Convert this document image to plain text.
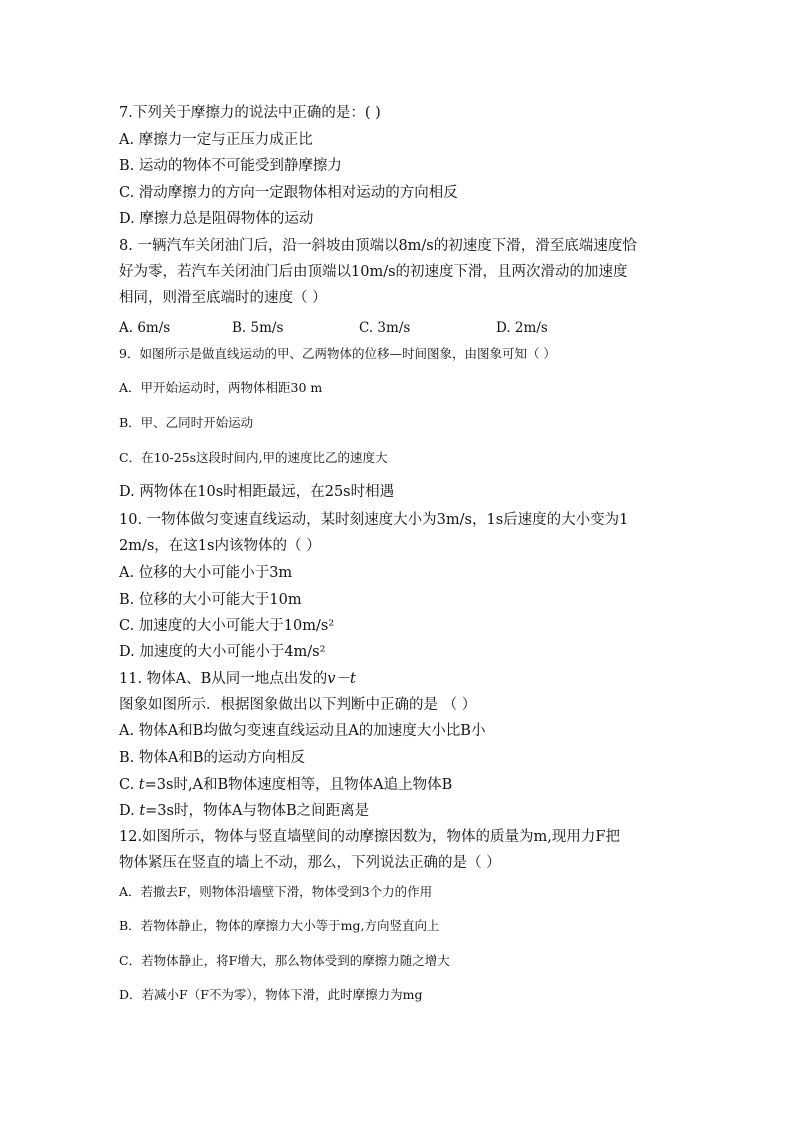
7.下列关于摩擦力的说法中正确的是：( )
A. 摩擦力一定与正压力成正比
B. 运动的物体不可能受到静摩擦力
C. 滑动摩擦力的方向一定跟物体相对运动的方向相反
D. 摩擦力总是阻碍物体的运动
8. 一辆汽车关闭油门后，沿一斜坡由顶端以8m/s的初速度下滑，滑至底端速度恰
好为零，若汽车关闭油门后由顶端以10m/s的初速度下滑，且两次滑动的加速度
相同，则滑至底端时的速度（ ）
A. 6m/s	B. 5m/s	C. 3m/s	D. 2m/s
9．如图所示是做直线运动的甲、乙两物体的位移—时间图象，由图象可知（ ）
A．甲开始运动时，两物体相距30 m
B．甲、乙同时开始运动
C．在10-25s这段时间内,甲的速度比乙的速度大
D. 两物体在10s时相距最远，在25s时相遇
10. 一物体做匀变速直线运动，某时刻速度大小为3m/s，1s后速度的大小变为1
2m/s，在这1s内该物体的（ ）
A. 位移的大小可能小于3m
B. 位移的大小可能大于10m
C. 加速度的大小可能大于10m/s²
D. 加速度的大小可能小于4m/s²
11. 物体A、B从同一地点出发的v－t
图象如图所示．根据图象做出以下判断中正确的是 （ ）
A. 物体A和B均做匀变速直线运动且A的加速度大小比B小
B. 物体A和B的运动方向相反
C. t=3s时,A和B物体速度相等，且物体A追上物体B
D. t=3s时，物体A与物体B之间距离是
12.如图所示，物体与竖直墙壁间的动摩擦因数为，物体的质量为m,现用力F把
物体紧压在竖直的墙上不动，那么，下列说法正确的是（ ）
A．若撤去F，则物体沿墙壁下滑，物体受到3个力的作用
B．若物体静止，物体的摩擦力大小等于mg,方向竖直向上
C．若物体静止，将F增大，那么物体受到的摩擦力随之增大
D．若减小F（F不为零），物体下滑，此时摩擦力为mg
